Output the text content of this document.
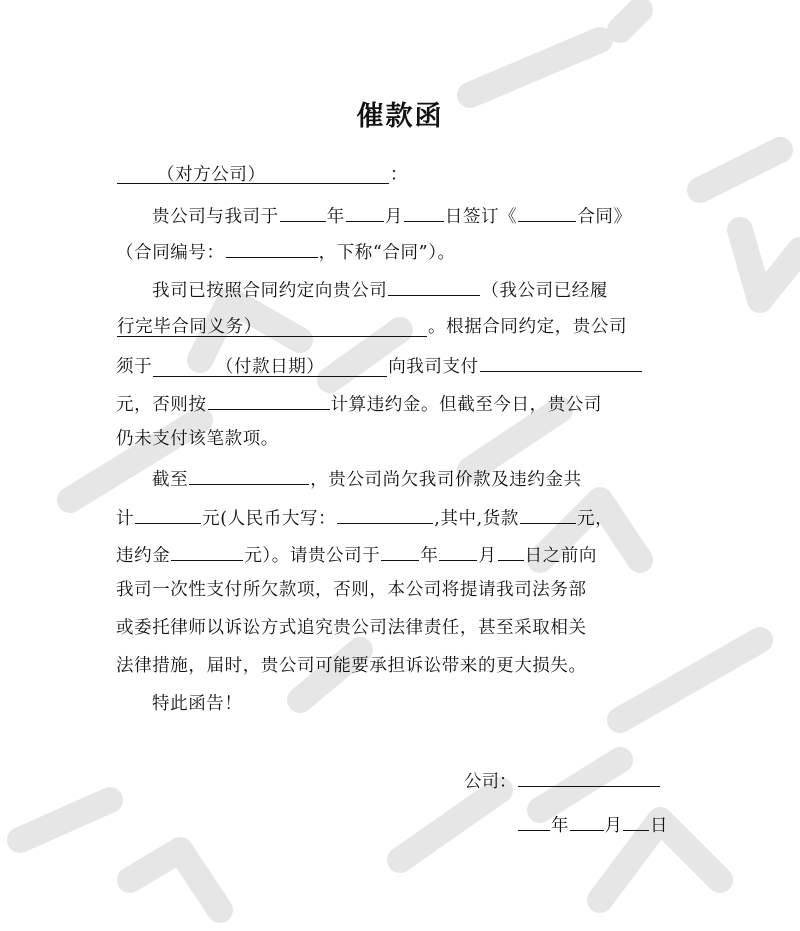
催款函
（对方公司）	：
贵公司与我司于	年 月 日签订《	合同》
（合同编号：	，下称“合同”）。
我司已按照合同约定向贵公司	（我公司已经履
行完毕合同义务）	。根据合同约定，贵公司
须于	（付款日期）	向我司支付
元，否则按	计算违约金。但截至今日，贵公司
仍未支付该笔款项。
截至	，贵公司尚欠我司价款及违约金共
计	元(人民币大写：	,其中,货款	元，
违约金	元）。请贵公司于 年 月 日之前向
我司一次性支付所欠款项，否则，本公司将提请我司法务部
或委托律师以诉讼方式追究贵公司法律责任，甚至采取相关
法律措施，届时，贵公司可能要承担诉讼带来的更大损失。
特此函告！
公司：
年 月 日
